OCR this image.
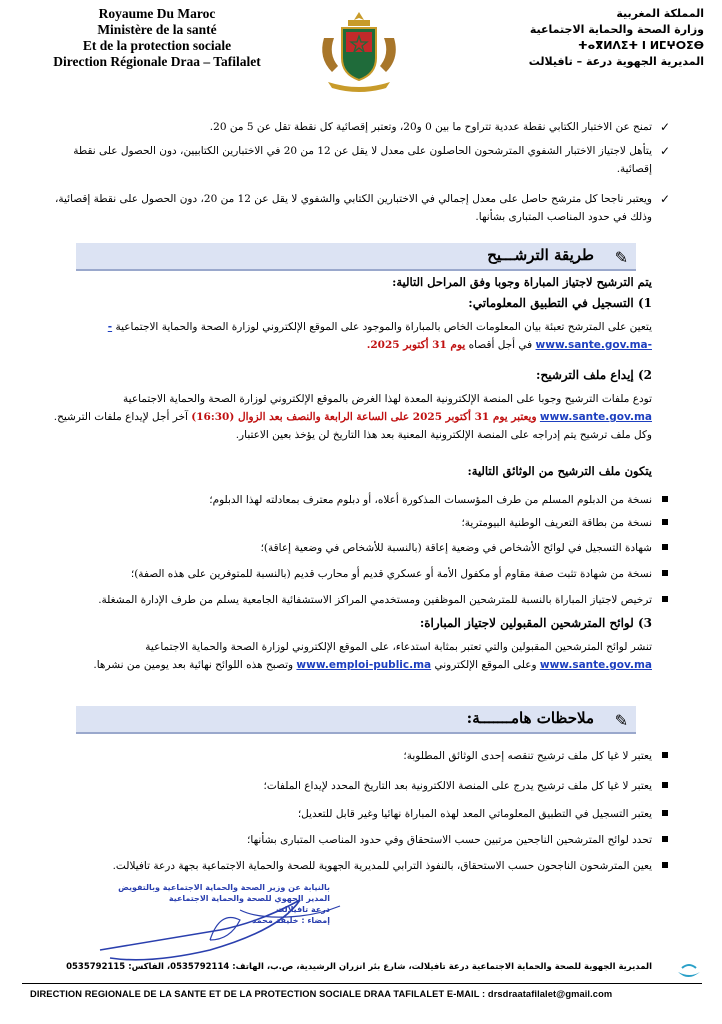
Royaume Du Maroc
Ministère de la santé
Et de la protection sociale
Direction Régionale Draa – Tafilalet
المملكة المغربية
وزارة الصحة والحماية الاجتماعية
ⵜⴰⴳⵍⴷⵉⵜ ⵏ ⵍⵎⵖⵔⵉⴱ
المديرية الجهوية درعة – تافيلالت
✓
تمنح عن الاختبار الكتابي نقطة عددية تتراوح ما بين 0 و20، وتعتبر إقصائية كل نقطة تقل عن 5 من 20.
✓
يتأهل لاجتياز الاختبار الشفوي المترشحون الحاصلون على معدل لا يقل عن 12 من 20 في الاختبارين الكتابيين، دون الحصول على نقطة إقصائية.
✓
ويعتبر ناجحا كل مترشح حاصل على معدل إجمالي في الاختبارين الكتابي والشفوي لا يقل عن 12 من 20، دون الحصول على نقطة إقصائية، وذلك في حدود المناصب المتبارى بشأنها.
✎
طريقة الترشـــيح
يتم الترشيح لاجتياز المباراة وجوبا وفق المراحل التالية:
1) التسجيل في التطبيق المعلوماتي:
يتعين على المترشح تعبئة بيان المعلومات الخاص بالمباراة والموجود على الموقع الإلكتروني لوزارة الصحة والحماية الاجتماعية -www.sante.gov.ma- في أجل أقصاه يوم 31 أكتوبر 2025.
2) إيداع ملف الترشيح:
تودع ملفات الترشيح وجوبا على المنصة الإلكترونية المعدة لهذا الغرض بالموقع الإلكتروني لوزارة الصحة والحماية الاجتماعية www.sante.gov.ma ويعتبر يوم 31 أكتوبر 2025 على الساعة الرابعة والنصف بعد الزوال (16:30) آخر أجل لإيداع ملفات الترشيح. وكل ملف ترشيح يتم إدراجه على المنصة الإلكترونية المعنية بعد هذا التاريخ لن يؤخذ بعين الاعتبار.
يتكون ملف الترشيح من الوثائق التالية:
نسخة من الدبلوم المسلم من طرف المؤسسات المذكورة أعلاه، أو دبلوم معترف بمعادلته لهذا الدبلوم؛
نسخة من بطاقة التعريف الوطنية البيومترية؛
شهادة التسجيل في لوائح الأشخاص في وضعية إعاقة (بالنسبة للأشخاص في وضعية إعاقة)؛
نسخة من شهادة تثبت صفة مقاوم أو مكفول الأمة أو عسكري قديم أو محارب قديم (بالنسبة للمتوفرين على هذه الصفة)؛
ترخيص لاجتياز المباراة بالنسبة للمترشحين الموظفين ومستخدمي المراكز الاستشفائية الجامعية يسلم من طرف الإدارة المشغلة.
3) لوائح المترشحين المقبولين لاجتياز المباراة:
تنشر لوائح المترشحين المقبولين والتي تعتبر بمثابة استدعاء، على الموقع الإلكتروني لوزارة الصحة والحماية الاجتماعية www.sante.gov.ma وعلى الموقع الإلكتروني www.emploi-public.ma وتصبح هذه اللوائح نهائية بعد يومين من نشرها.
✎
ملاحظات هامـــــــة:
يعتبر لا غيا كل ملف ترشيح تنقصه إحدى الوثائق المطلوبة؛
يعتبر لا غيا كل ملف ترشيح يدرج على المنصة الالكترونية بعد التاريخ المحدد لإيداع الملفات؛
يعتبر التسجيل في التطبيق المعلوماتي المعد لهذه المباراة نهائيا وغير قابل للتعديل؛
تحدد لوائح المترشحين الناجحين مرتبين حسب الاستحقاق وفي حدود المناصب المتبارى بشأنها؛
يعين المترشحون الناجحون حسب الاستحقاق، بالنفوذ الترابي للمديرية الجهوية للصحة والحماية الاجتماعية بجهة درعة تافيلالت.
بالنيابة عن وزير الصحة والحماية الاجتماعية وبالتفويض
المدير الجهوي للصحة والحماية الاجتماعية
درعة تافيلالت
إمضاء : خليفة محمد
المديرية الجهوية للصحة والحماية الاجتماعية درعة تافيلالت، شارع بئر انزران الرشيدية، ص.ب، الهاتف: 0535792114، الفاكس: 0535792115
DIRECTION REGIONALE DE LA SANTE ET DE LA PROTECTION SOCIALE DRAA TAFILALET E-MAIL : drsdraatafilalet@gmail.com
